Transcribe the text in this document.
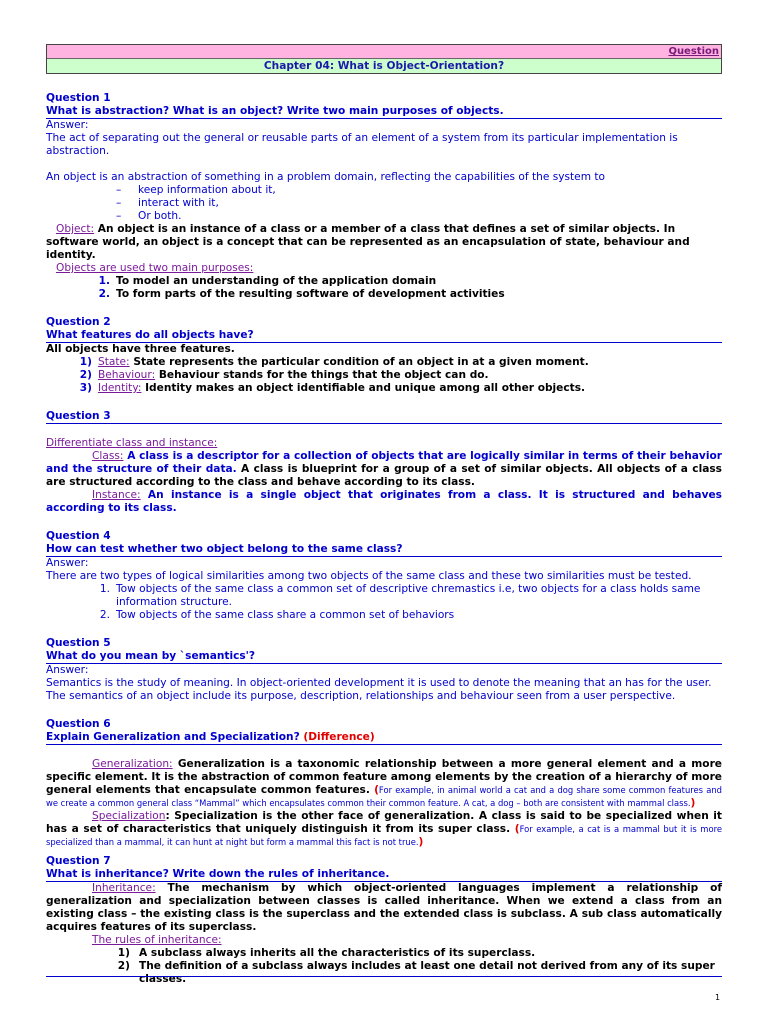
Question
Chapter 04: What is Object-Orientation?
Question 1
What is abstraction? What is an object? Write two main purposes of objects.
Answer:
The act of separating out the general or reusable parts of an element of a system from its particular implementation is abstraction.
An object is an abstraction of something in a problem domain, reflecting the capabilities of the system to
–	keep information about it,
–	interact with it,
–	Or both.
Object: An object is an instance of a class or a member of a class that defines a set of similar objects. In software world, an object is a concept that can be represented as an encapsulation of state, behaviour and identity.
Objects are used two main purposes:
1. To model an understanding of the application domain
2. To form parts of the resulting software of development activities
Question 2
What features do all objects have?
All objects have three features.
1) State: State represents the particular condition of an object in at a given moment.
2) Behaviour: Behaviour stands for the things that the object can do.
3) Identity: Identity makes an object identifiable and unique among all other objects.
Question 3
Differentiate class and instance:
Class: A class is a descriptor for a collection of objects that are logically similar in terms of their behavior and the structure of their data. A class is blueprint for a group of a set of similar objects. All objects of a class are structured according to the class and behave according to its class.
Instance: An instance is a single object that originates from a class. It is structured and behaves according to its class.
Question 4
How can test whether two object belong to the same class?
Answer:
There are two types of logical similarities among two objects of the same class and these two similarities must be tested.
1. Tow objects of the same class a common set of descriptive chremastics i.e, two objects for a class holds same information structure.
2. Tow objects of the same class share a common set of behaviors
Question 5
What do you mean by `semantics'?
Answer:
Semantics is the study of meaning. In object-oriented development it is used to denote the meaning that an has for the user. The semantics of an object include its purpose, description, relationships and behaviour seen from a user perspective.
Question 6
Explain Generalization and Specialization? (Difference)
Generalization: Generalization is a taxonomic relationship between a more general element and a more specific element. It is the abstraction of common feature among elements by the creation of a hierarchy of more general elements that encapsulate common features. (For example, in animal world a cat and a dog share some common features and we create a common general class “Mammal” which encapsulates common their common feature. A cat, a dog – both are consistent with mammal class.)
Specialization: Specialization is the other face of generalization. A class is said to be specialized when it has a set of characteristics that uniquely distinguish it from its super class. (For example, a cat is a mammal but it is more specialized than a mammal, it can hunt at night but form a mammal this fact is not true.)
Question 7
What is inheritance? Write down the rules of inheritance.
Inheritance: The mechanism by which object-oriented languages implement a relationship of generalization and specialization between classes is called inheritance. When we extend a class from an existing class – the existing class is the superclass and the extended class is subclass. A sub class automatically acquires features of its superclass.
The rules of inheritance:
1) A subclass always inherits all the characteristics of its superclass.
2) The definition of a subclass always includes at least one detail not derived from any of its super classes.
1
